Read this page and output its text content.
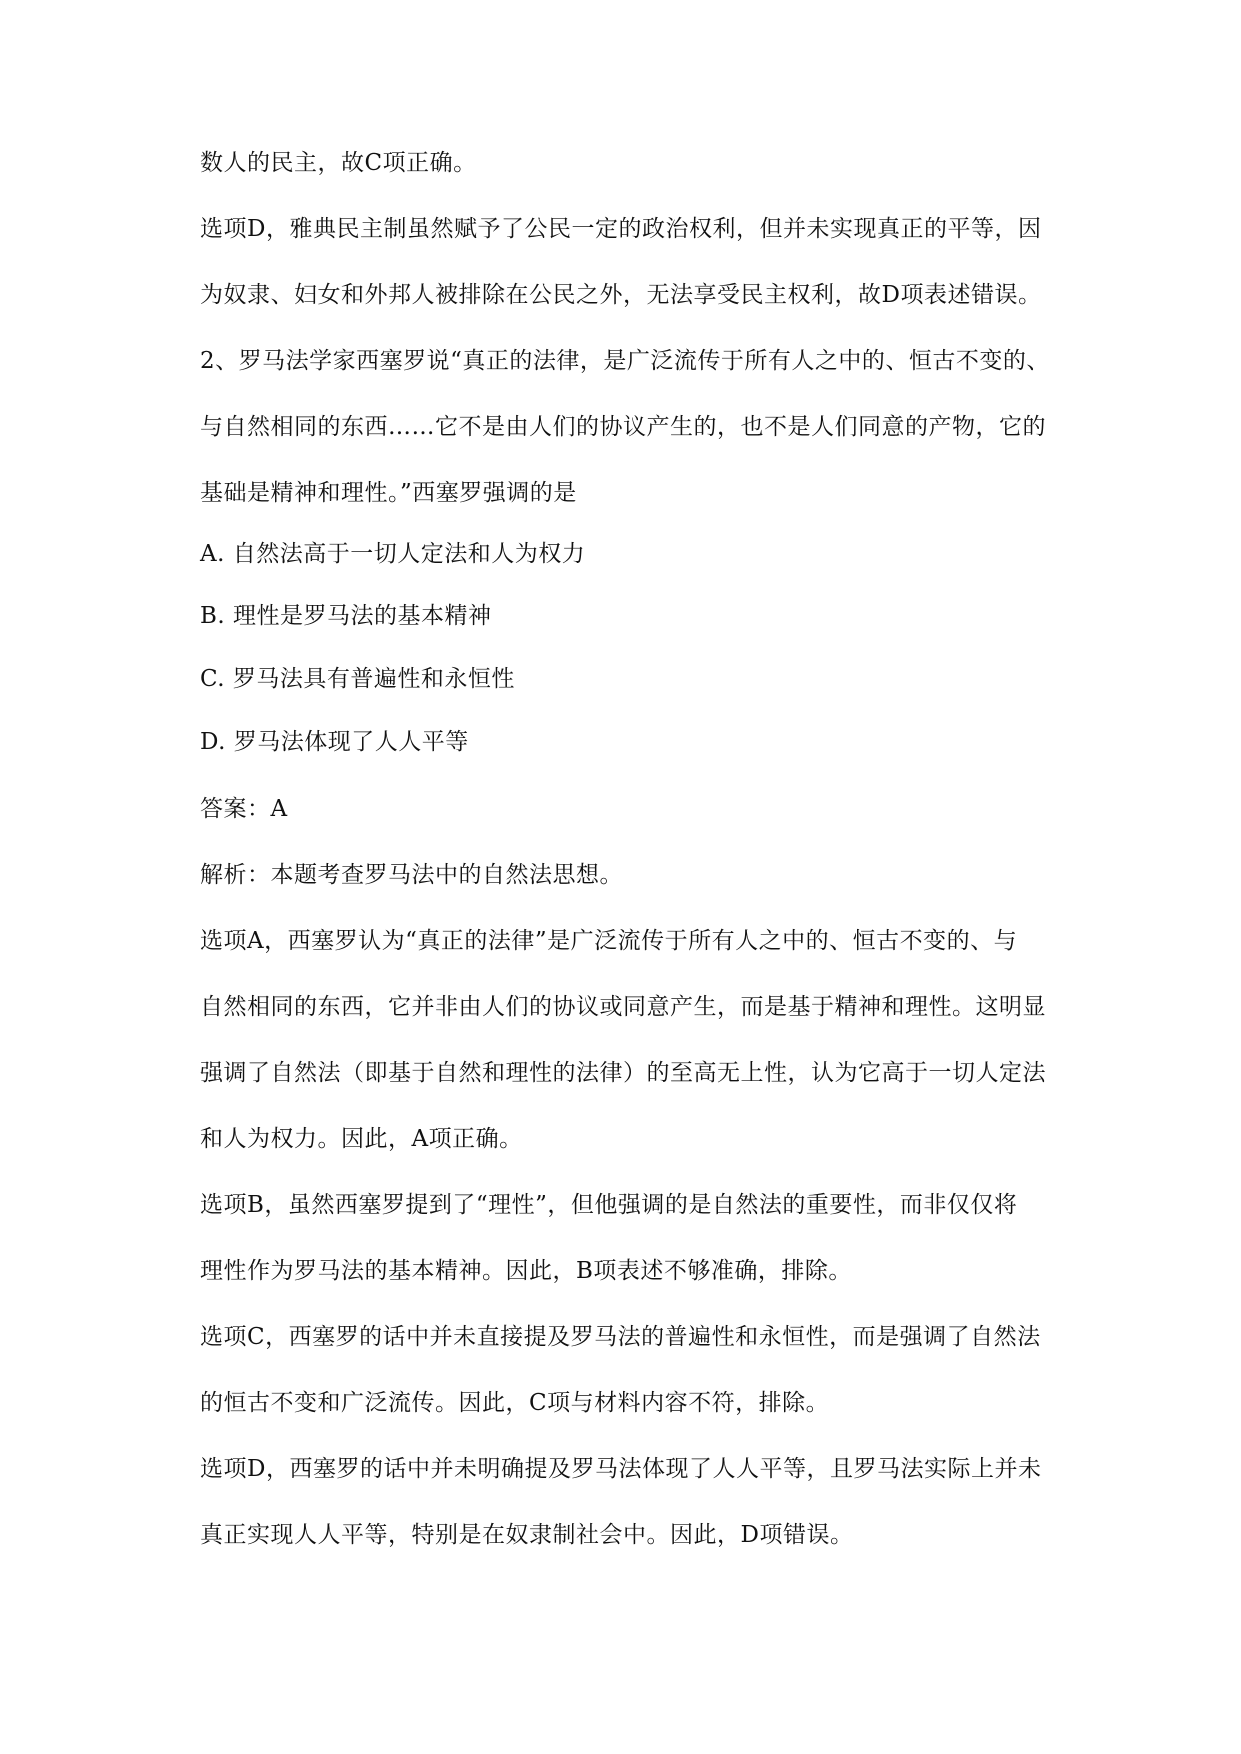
数人的民主，故C项正确。
选项D，雅典民主制虽然赋予了公民一定的政治权利，但并未实现真正的平等，因
为奴隶、妇女和外邦人被排除在公民之外，无法享受民主权利，故D项表述错误。
2、罗马法学家西塞罗说“真正的法律，是广泛流传于所有人之中的、恒古不变的、
与自然相同的东西……它不是由人们的协议产生的，也不是人们同意的产物，它的
基础是精神和理性。”西塞罗强调的是
A. 自然法高于一切人定法和人为权力
B. 理性是罗马法的基本精神
C. 罗马法具有普遍性和永恒性
D. 罗马法体现了人人平等
答案：A
解析：本题考查罗马法中的自然法思想。
选项A，西塞罗认为“真正的法律”是广泛流传于所有人之中的、恒古不变的、与
自然相同的东西，它并非由人们的协议或同意产生，而是基于精神和理性。这明显
强调了自然法（即基于自然和理性的法律）的至高无上性，认为它高于一切人定法
和人为权力。因此，A项正确。
选项B，虽然西塞罗提到了“理性”，但他强调的是自然法的重要性，而非仅仅将
理性作为罗马法的基本精神。因此，B项表述不够准确，排除。
选项C，西塞罗的话中并未直接提及罗马法的普遍性和永恒性，而是强调了自然法
的恒古不变和广泛流传。因此，C项与材料内容不符，排除。
选项D，西塞罗的话中并未明确提及罗马法体现了人人平等，且罗马法实际上并未
真正实现人人平等，特别是在奴隶制社会中。因此，D项错误。
